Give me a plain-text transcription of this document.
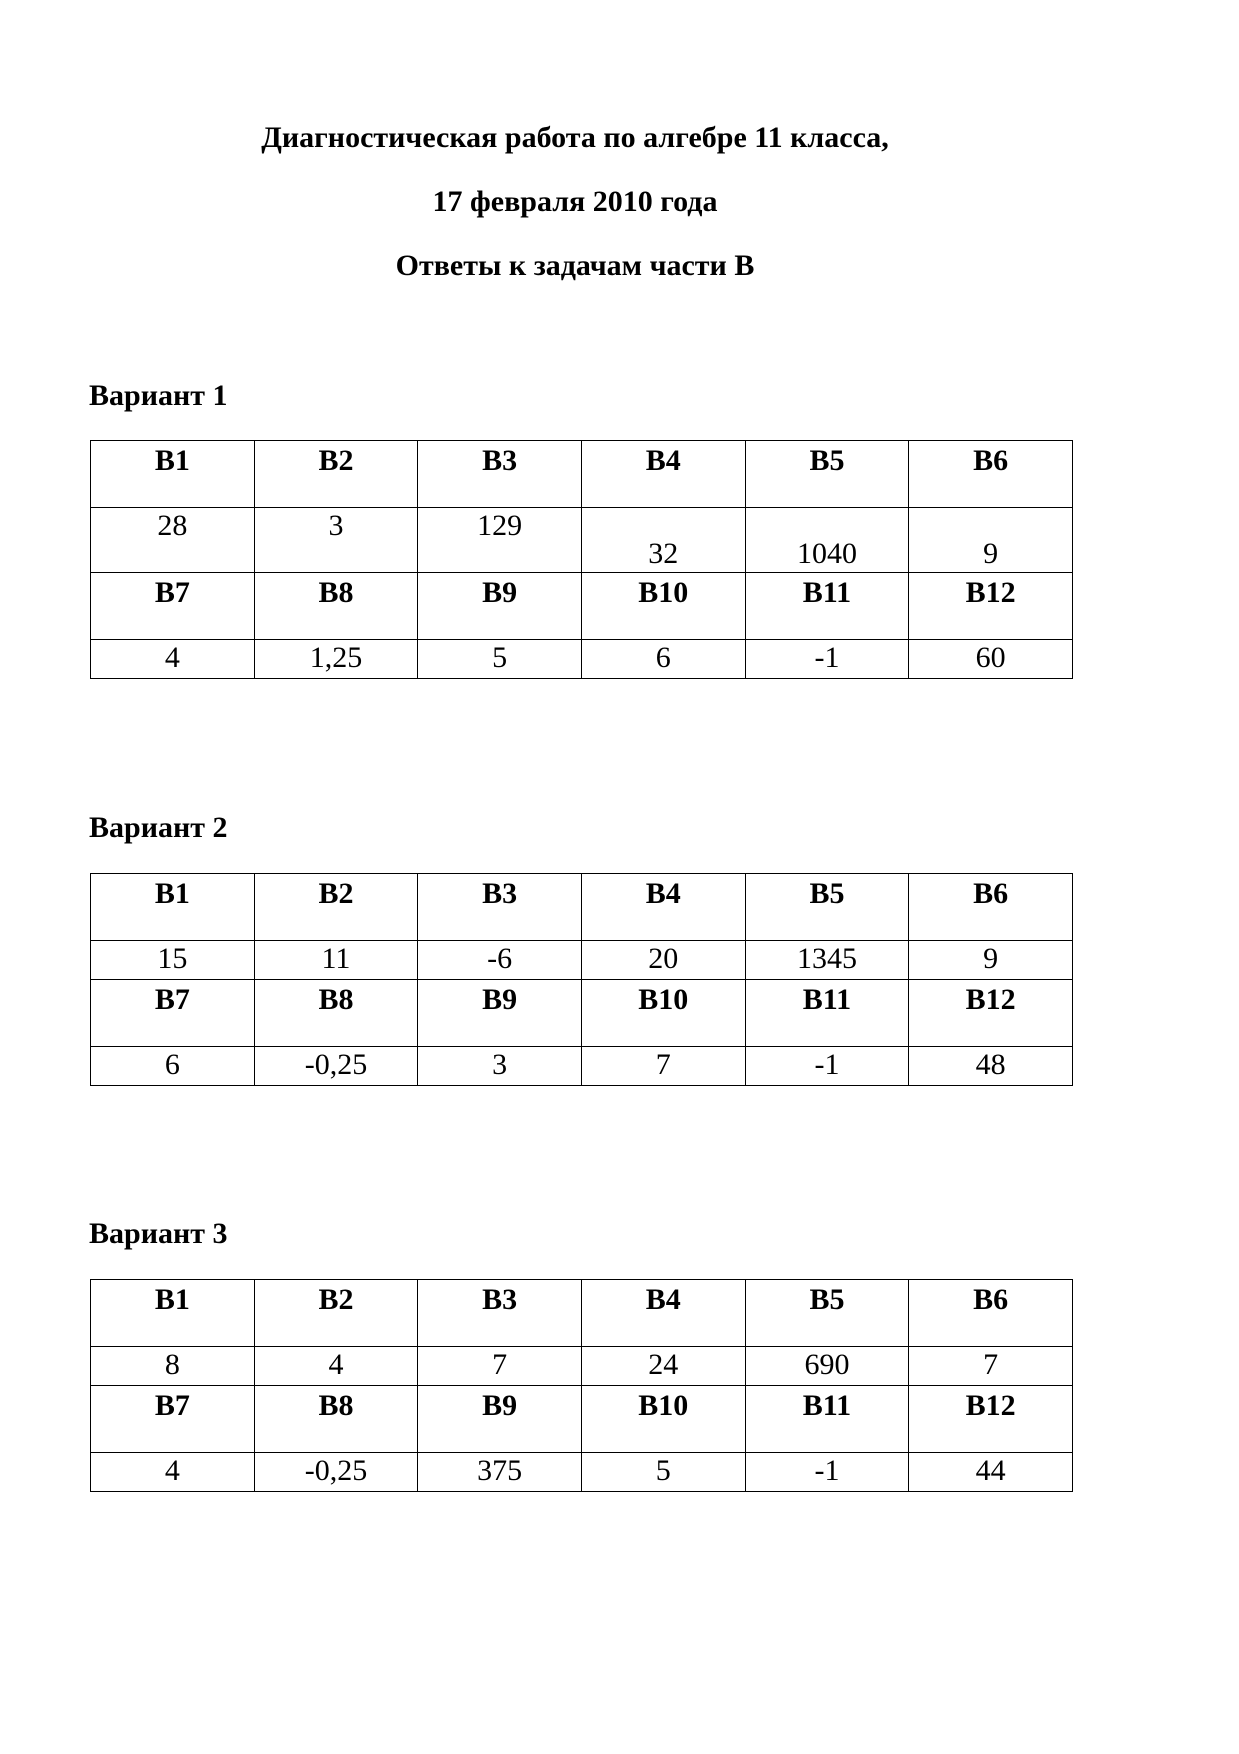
Диагностическая работа по алгебре 11 класса,
17 февраля 2010 года
Ответы к задачам части В
Вариант 1
В1	В2	В3	В4	В5	В6
28	3	129	32	1040	9

В7	В8	В9	В10	В11	В12
4	1,25	5	6	-1	60
Вариант 2
В1	В2	В3	В4	В5	В6
15	11	-6	20	1345	9
В7	В8	В9	В10	В11	В12
6	-0,25	3	7	-1	48
Вариант 3
В1	В2	В3	В4	В5	В6
8	4	7	24	690	7
В7	В8	В9	В10	В11	В12
4	-0,25	375	5	-1	44
